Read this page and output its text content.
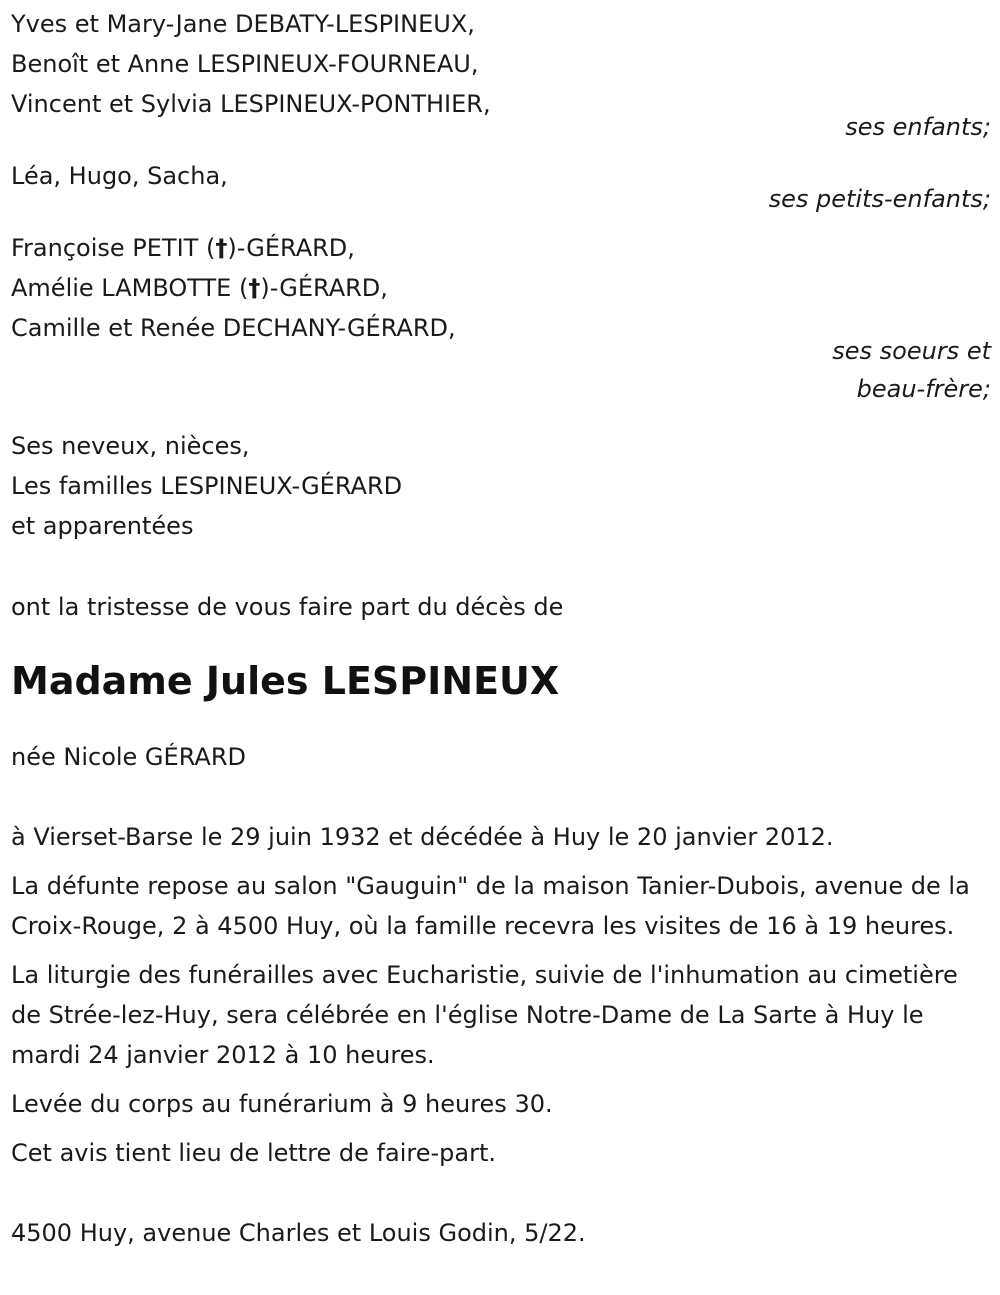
Yves et Mary-Jane DEBATY-LESPINEUX,
Benoît et Anne LESPINEUX-FOURNEAU,
Vincent et Sylvia LESPINEUX-PONTHIER,
ses enfants;
Léa, Hugo, Sacha,
ses petits-enfants;
Françoise PETIT (†)-GÉRARD,
Amélie LAMBOTTE (†)-GÉRARD,
Camille et Renée DECHANY-GÉRARD,
ses soeurs et
beau-frère;
Ses neveux, nièces,
Les familles LESPINEUX-GÉRARD
et apparentées
ont la tristesse de vous faire part du décès de
Madame Jules LESPINEUX
née Nicole GÉRARD
à Vierset-Barse le 29 juin 1932 et décédée à Huy le 20 janvier 2012.
La défunte repose au salon "Gauguin" de la maison Tanier-Dubois, avenue de la Croix-Rouge, 2 à 4500 Huy, où la famille recevra les visites de 16 à 19 heures.
La liturgie des funérailles avec Eucharistie, suivie de l'inhumation au cimetière de Strée-lez-Huy, sera célébrée en l'église Notre-Dame de La Sarte à Huy le mardi 24 janvier 2012 à 10 heures.
Levée du corps au funérarium à 9 heures 30.
Cet avis tient lieu de lettre de faire-part.
4500 Huy, avenue Charles et Louis Godin, 5/22.
